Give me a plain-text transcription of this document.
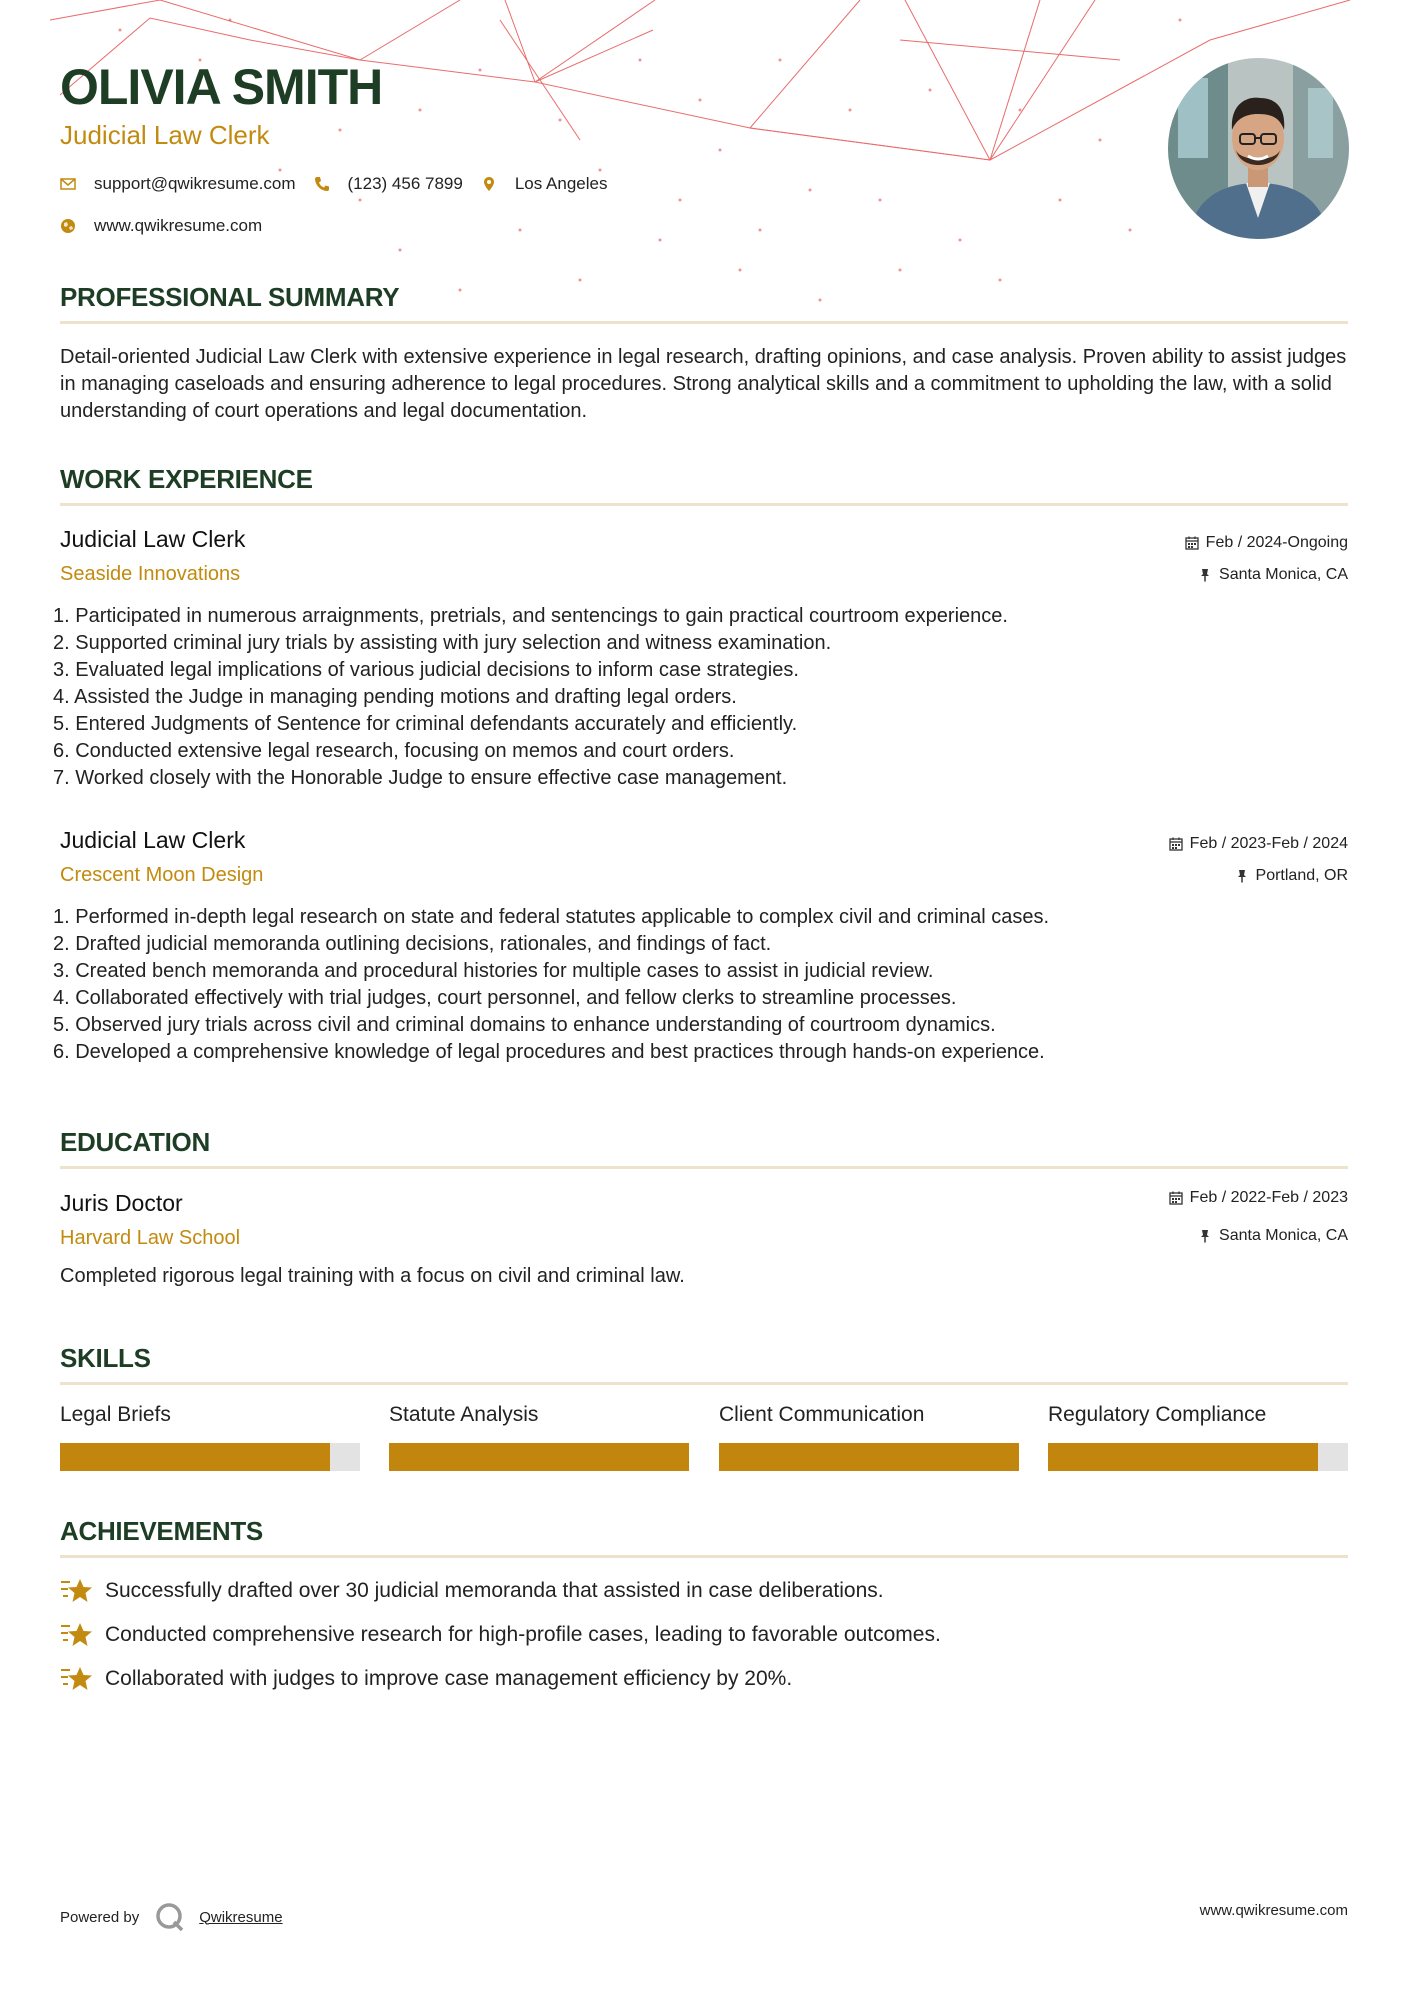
OLIVIA SMITH
Judicial Law Clerk
support@qwikresume.com	(123) 456 7899	Los Angeles
www.qwikresume.com
PROFESSIONAL SUMMARY

Detail-oriented Judicial Law Clerk with extensive experience in legal research, drafting opinions, and case analysis. Proven ability to assist judges in managing caseloads and ensuring adherence to legal procedures. Strong analytical skills and a commitment to upholding the law, with a solid understanding of court operations and legal documentation.

WORK EXPERIENCE
Judicial Law Clerk
Seaside Innovations
Feb / 2024-Ongoing
Santa Monica, CA
1. Participated in numerous arraignments, pretrials, and sentencings to gain practical courtroom experience.
2. Supported criminal jury trials by assisting with jury selection and witness examination.
3. Evaluated legal implications of various judicial decisions to inform case strategies.
4. Assisted the Judge in managing pending motions and drafting legal orders.
5. Entered Judgments of Sentence for criminal defendants accurately and efficiently.
6. Conducted extensive legal research, focusing on memos and court orders.
7. Worked closely with the Honorable Judge to ensure effective case management.
Judicial Law Clerk
Crescent Moon Design
Feb / 2023-Feb / 2024
Portland, OR
1. Performed in-depth legal research on state and federal statutes applicable to complex civil and criminal cases.
2. Drafted judicial memoranda outlining decisions, rationales, and findings of fact.
3. Created bench memoranda and procedural histories for multiple cases to assist in judicial review.
4. Collaborated effectively with trial judges, court personnel, and fellow clerks to streamline processes.
5. Observed jury trials across civil and criminal domains to enhance understanding of courtroom dynamics.
6. Developed a comprehensive knowledge of legal procedures and best practices through hands-on experience.
EDUCATION
Juris Doctor
Harvard Law School
Feb / 2022-Feb / 2023
Santa Monica, CA

Completed rigorous legal training with a focus on civil and criminal law.

SKILLS
Legal Briefs	Statute Analysis	Client Communication	Regulatory Compliance
ACHIEVEMENTS
Successfully drafted over 30 judicial memoranda that assisted in case deliberations.
Conducted comprehensive research for high-profile cases, leading to favorable outcomes.
Collaborated with judges to improve case management efficiency by 20%.
Powered by	Qwikresume	www.qwikresume.com
